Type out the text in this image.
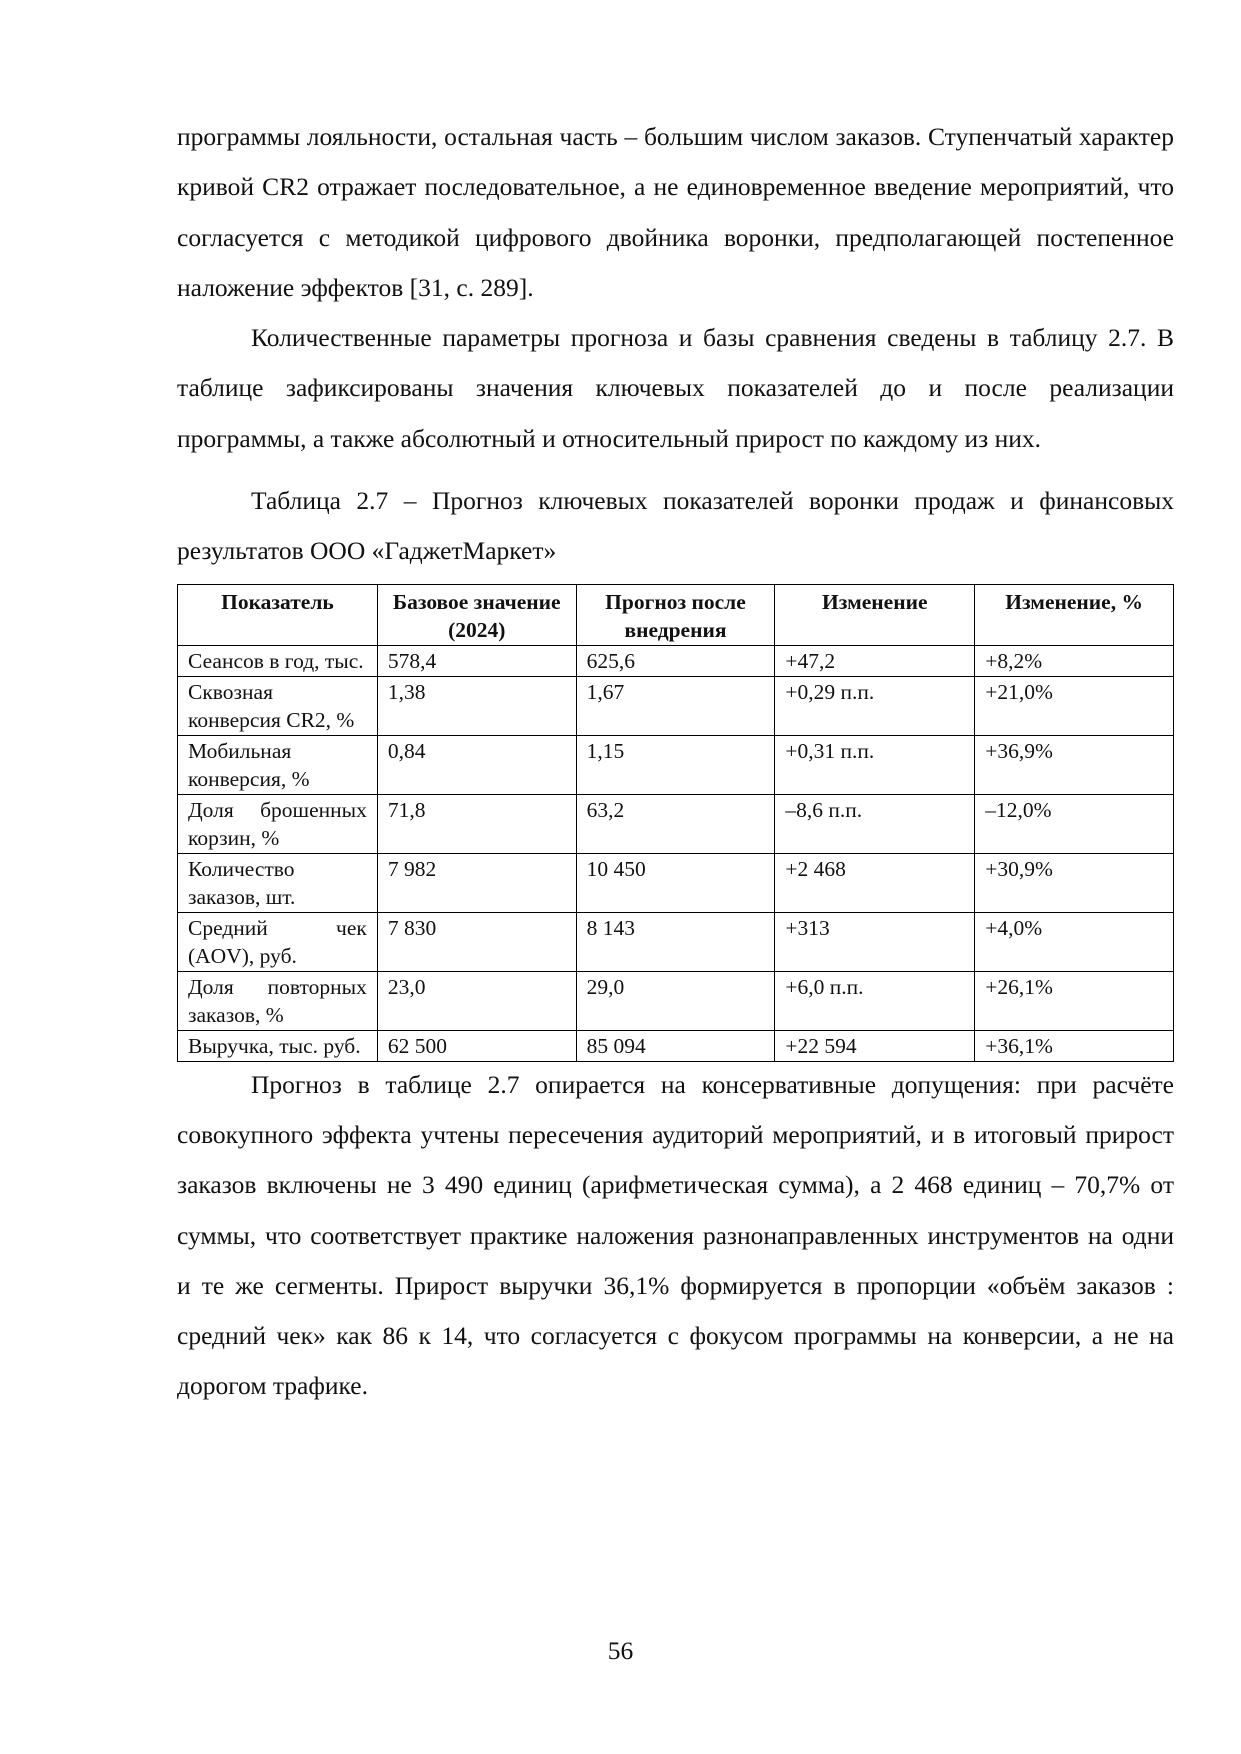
программы лояльности, остальная часть – большим числом заказов. Ступенчатый характер кривой CR2 отражает последовательное, а не единовременное введение мероприятий, что согласуется с методикой цифрового двойника воронки, предполагающей постепенное наложение эффектов [31, с. 289].

Количественные параметры прогноза и базы сравнения сведены в таблицу 2.7. В таблице зафиксированы значения ключевых показателей до и после реализации программы, а также абсолютный и относительный прирост по каждому из них.

Таблица 2.7 – Прогноз ключевых показателей воронки продаж и финансовых результатов ООО «ГаджетМаркет»

Показатель	Базовое значение (2024)	Прогноз после внедрения	Изменение	Изменение, %
Сеансов в год, тыс.	578,4	625,6	+47,2	+8,2%
Сквозная конверсия CR2, %	1,38	1,67	+0,29 п.п.	+21,0%
Мобильная конверсия, %	0,84	1,15	+0,31 п.п.	+36,9%
Доля брошенных корзин, %	71,8	63,2	–8,6 п.п.	–12,0%
Количество заказов, шт.	7 982	10 450	+2 468	+30,9%
Средний чек (AOV), руб.	7 830	8 143	+313	+4,0%
Доля повторных заказов, %	23,0	29,0	+6,0 п.п.	+26,1%
Выручка, тыс. руб.	62 500	85 094	+22 594	+36,1%

Прогноз в таблице 2.7 опирается на консервативные допущения: при расчёте совокупного эффекта учтены пересечения аудиторий мероприятий, и в итоговый прирост заказов включены не 3 490 единиц (арифметическая сумма), а 2 468 единиц – 70,7% от суммы, что соответствует практике наложения разнонаправленных инструментов на одни и те же сегменты. Прирост выручки 36,1% формируется в пропорции «объём заказов : средний чек» как 86 к 14, что согласуется с фокусом программы на конверсии, а не на дорогом трафике.

56
